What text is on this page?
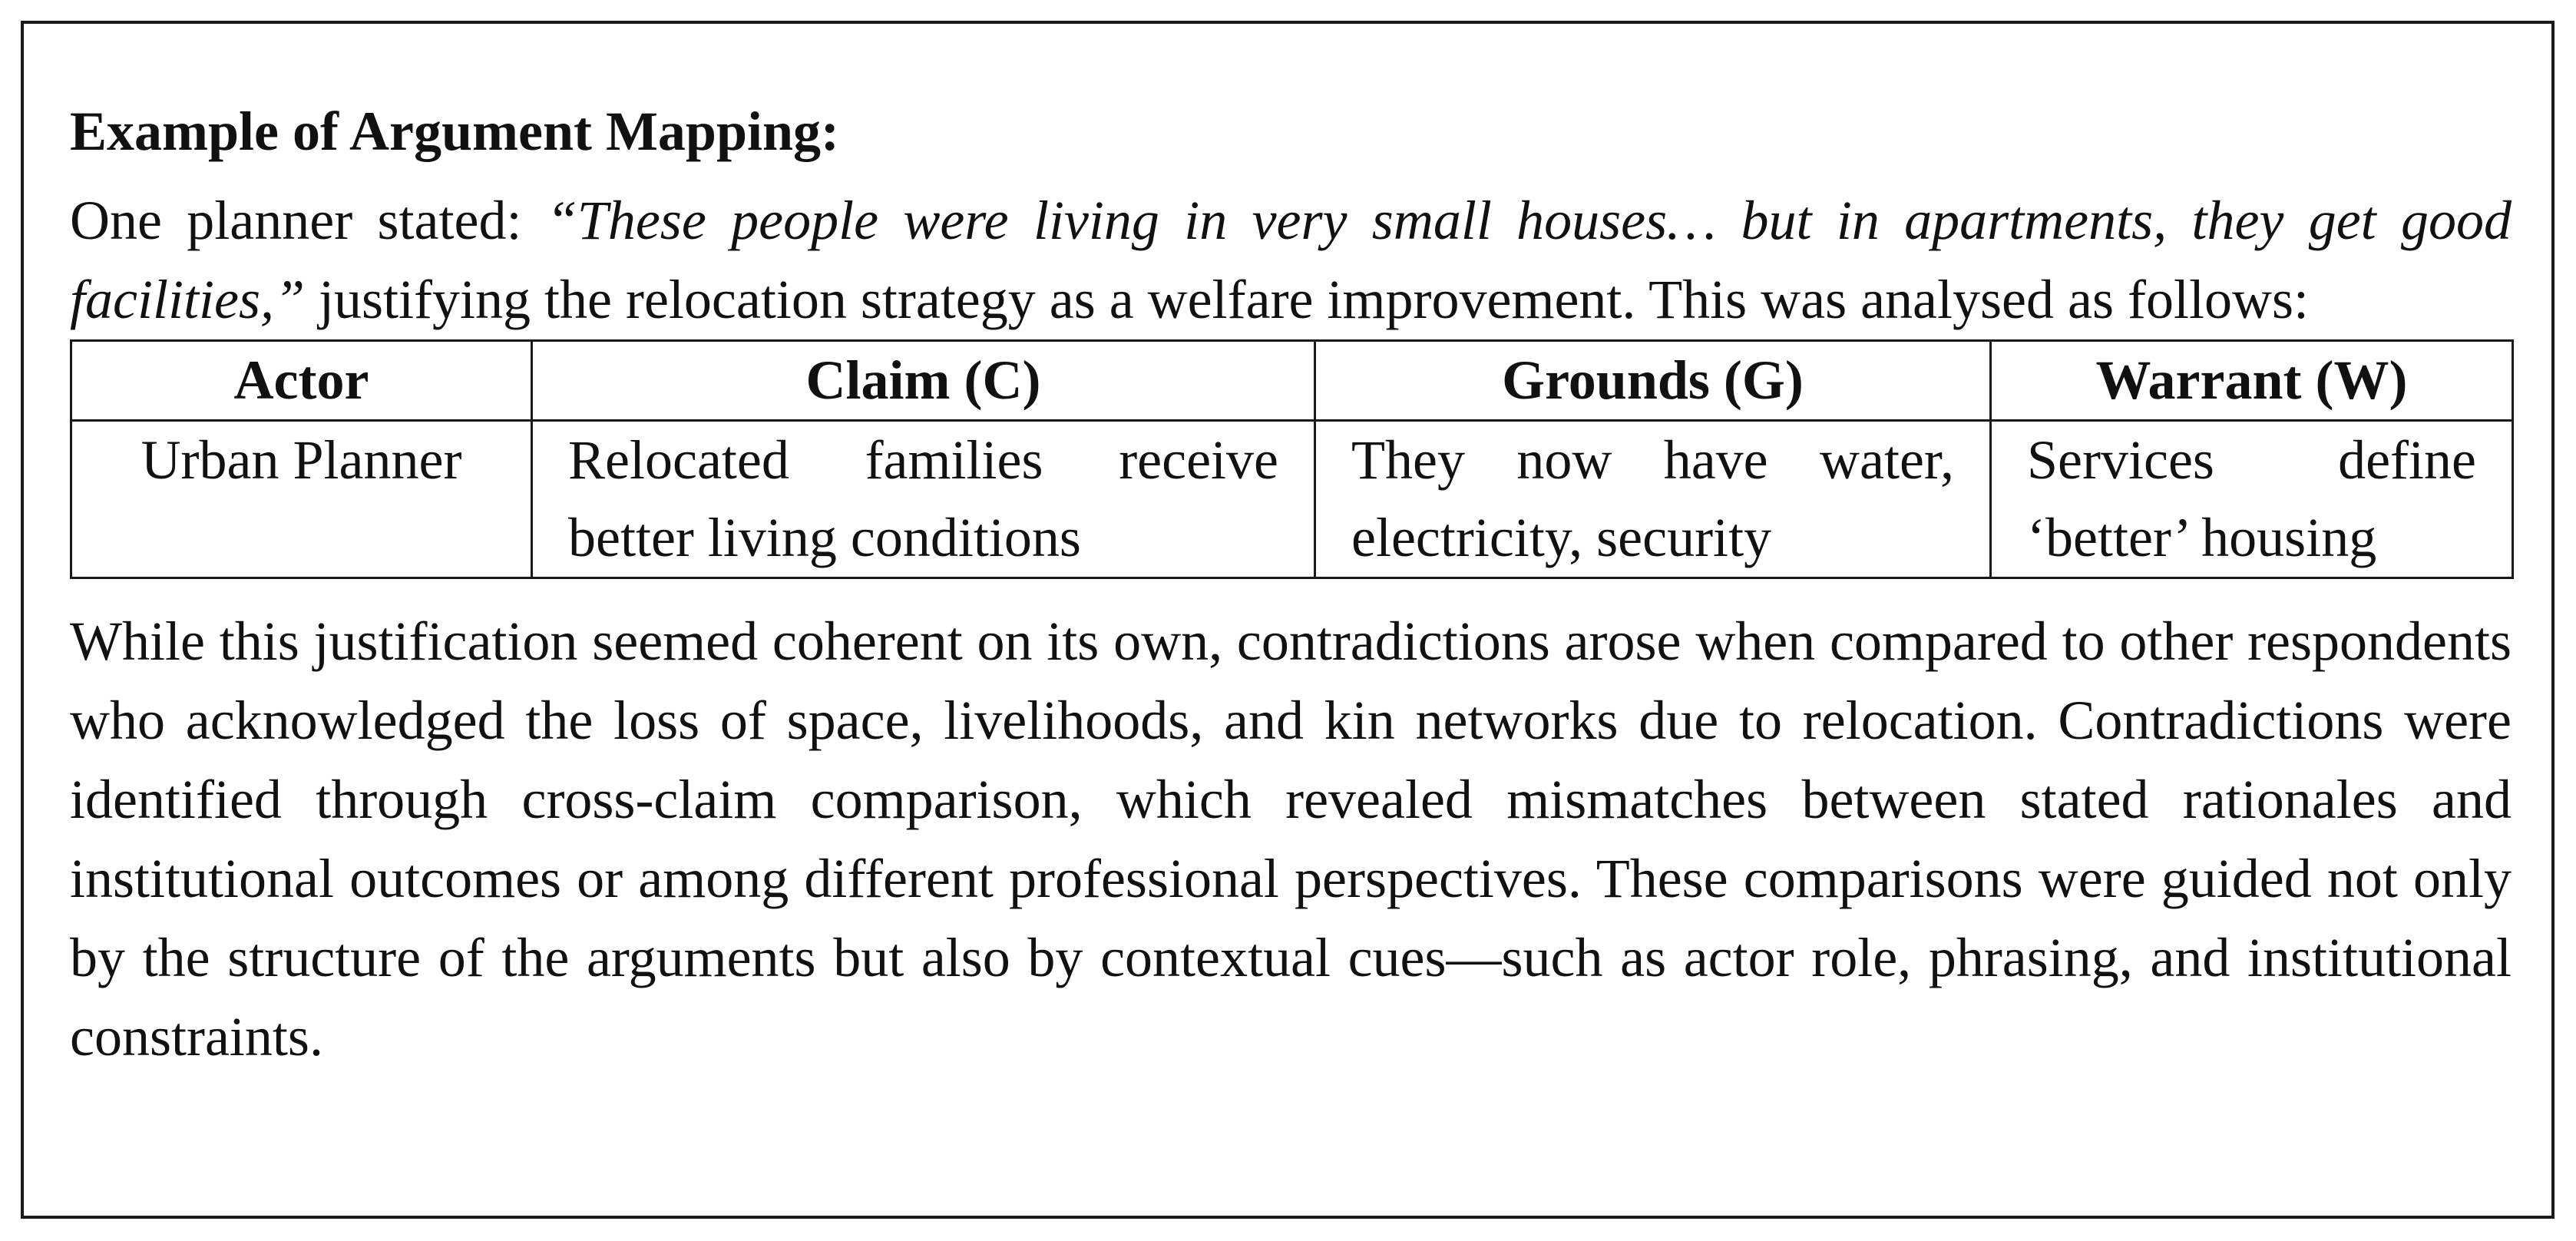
Example of Argument Mapping:

One planner stated: “These people were living in very small houses… but in apartments, they get good facilities,” justifying the relocation strategy as a welfare improvement. This was analysed as follows:

Actor	Claim (C)	Grounds (G)	Warrant (W)
Urban Planner	Relocated families receive better living conditions	They now have water, electricity, security	Services define ‘better’ housing

While this justification seemed coherent on its own, contradictions arose when compared to other respondents who acknowledged the loss of space, livelihoods, and kin networks due to relocation. Contradictions were identified through cross-claim comparison, which revealed mismatches between stated rationales and institutional outcomes or among different professional perspectives. These comparisons were guided not only by the structure of the arguments but also by contextual cues—such as actor role, phrasing, and institutional constraints.
